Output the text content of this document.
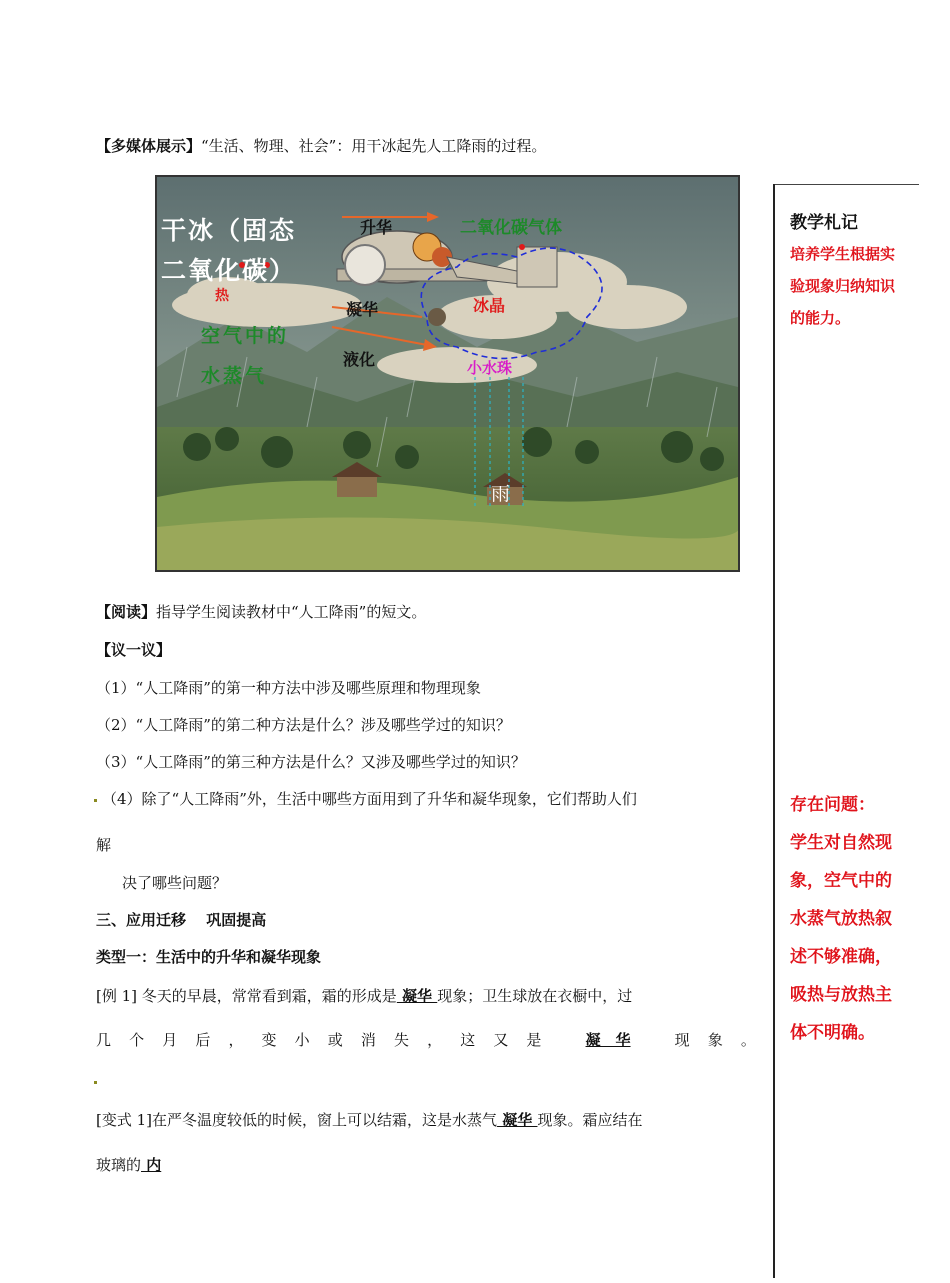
【多媒体展示】“生活、物理、社会”：用干冰起先人工降雨的过程。
干冰（固态
二氧化碳）
热
空气中的
水蒸气
升华	二氧化碳气体
凝华	冰晶
液化	小水珠
雨
教学札记
培养学生根据实
验现象归纳知识
的能力。
存在问题：
学生对自然现
象，空气中的
水蒸气放热叙
述不够准确，
吸热与放热主
体不明确。
【阅读】指导学生阅读教材中“人工降雨”的短文。
【议一议】
（1）“人工降雨”的第一种方法中涉及哪些原理和物理现象
（2）“人工降雨”的第二种方法是什么？涉及哪些学过的知识？
（3）“人工降雨”的第三种方法是什么？又涉及哪些学过的知识？
（4）除了“人工降雨”外，生活中哪些方面用到了升华和凝华现象，它们帮助人们
解
决了哪些问题？
三、应用迁移　 巩固提高
类型一：生活中的升华和凝华现象
[例 1] 冬天的早晨，常常看到霜，霜的形成是 凝华 现象；卫生球放在衣橱中，过
几 个 月 后 ， 变 小 或 消 失 ， 这 又 是	凝　华	现 象 。
[变式 1]在严冬温度较低的时候，窗上可以结霜，这是水蒸气 凝华 现象。霜应结在
玻璃的 内
